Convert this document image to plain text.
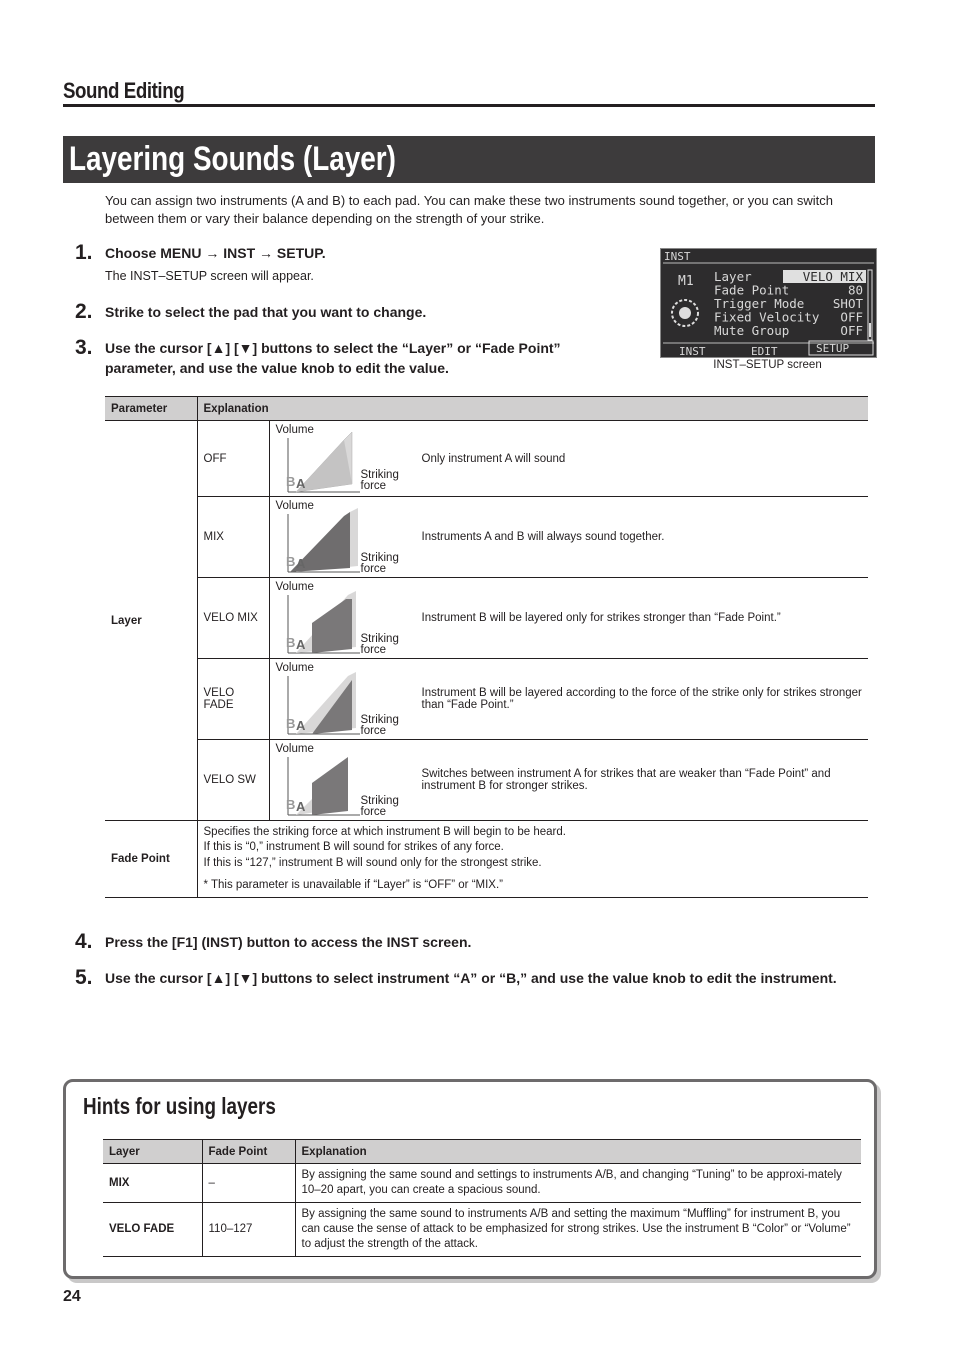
Sound Editing
Layering Sounds (Layer)
You can assign two instruments (A and B) to each pad. You can make these two instruments sound together, or you can switch between them or vary their balance depending on the strength of your strike.
1. Choose MENU → INST → SETUP.
The INST–SETUP screen will appear.
2. Strike to select the pad that you want to change.
3. Use the cursor [▲] [▼] buttons to select the “Layer” or “Fade Point” parameter, and use the value knob to edit the value.
INST
M1 Layer	VELO MIX
Fade Point	80
Trigger Mode SHOT
Fixed Velocity OFF
Mute Group	OFF
INST	EDIT	SETUP
INST–SETUP screen
Parameter	Explanation		
Layer	OFF	Volume
B A
Striking
force	Only instrument A will sound
	MIX	Volume
B A Striking
force	Instruments A and B will always sound together.
	VELO MIX	Volume
B A Striking
force	Instrument B will be layered only for strikes stronger than “Fade Point.”
	VELO FADE	Volume
B A Striking
force	Instrument B will be layered according to the force of the strike only for strikes stronger than “Fade Point.”
	VELO SW	Volume
B A Striking
force	Switches between instrument A for strikes that are weaker than “Fade Point” and instrument B for stronger strikes.
Fade Point	Specifies the striking force at which instrument B will begin to be heard.
If this is “0,” instrument B will sound for strikes of any force.
If this is “127,” instrument B will sound only for the strongest strike.
* This parameter is unavailable if “Layer” is “OFF” or “MIX.”		
4. Press the [F1] (INST) button to access the INST screen.
5. Use the cursor [▲] [▼] buttons to select instrument “A” or “B,” and use the value knob to edit the instrument.
Hints for using layers
Layer	Fade Point	Explanation
MIX	–	By assigning the same sound and settings to instruments A/B, and changing “Tuning” to be approxi-mately 10–20 apart, you can create a spacious sound.
VELO FADE	110–127	By assigning the same sound to instruments A/B and setting the maximum “Muffling” for instrument B, you can cause the sense of attack to be emphasized for strong strikes. Use the instrument B “Color” or “Volume” to adjust the strength of the attack.
24
